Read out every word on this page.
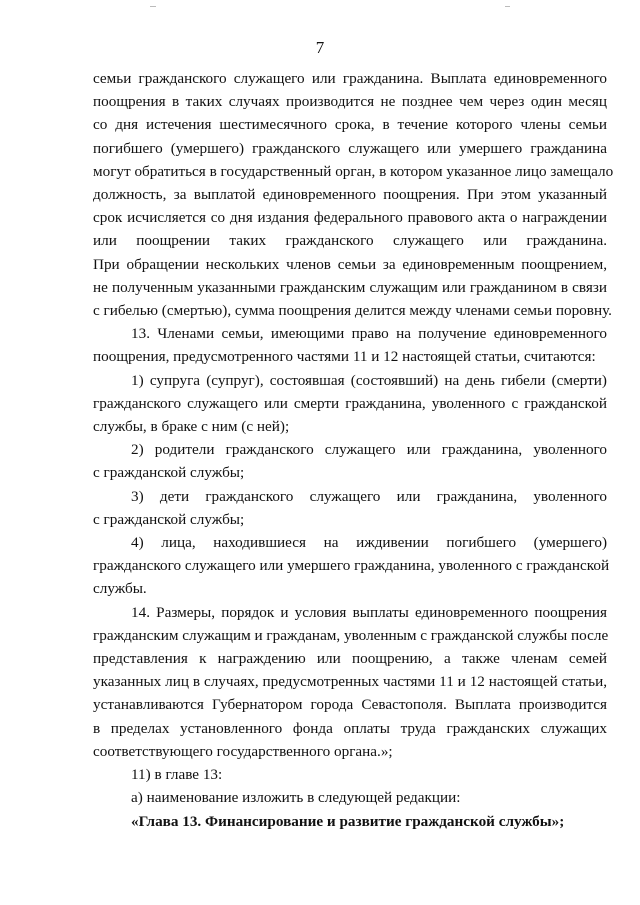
7
семьи гражданского служащего или гражданина. Выплата единовременного
поощрения в таких случаях производится не позднее чем через один месяц
со дня истечения шестимесячного срока, в течение которого члены семьи
погибшего (умершего) гражданского служащего или умершего гражданина
могут обратиться в государственный орган, в котором указанное лицо замещало
должность, за выплатой единовременного поощрения. При этом указанный
срок исчисляется со дня издания федерального правового акта о награждении
или поощрении таких гражданского служащего или гражданина.
При обращении нескольких членов семьи за единовременным поощрением,
не полученным указанными гражданским служащим или гражданином в связи
с гибелью (смертью), сумма поощрения делится между членами семьи поровну.
13. Членами семьи, имеющими право на получение единовременного
поощрения, предусмотренного частями 11 и 12 настоящей статьи, считаются:
1) супруга (супруг), состоявшая (состоявший) на день гибели (смерти)
гражданского служащего или смерти гражданина, уволенного с гражданской
службы, в браке с ним (с ней);
2) родители гражданского служащего или гражданина, уволенного
с гражданской службы;
3) дети гражданского служащего или гражданина, уволенного
с гражданской службы;
4) лица, находившиеся на иждивении погибшего (умершего)
гражданского служащего или умершего гражданина, уволенного с гражданской
службы.
14. Размеры, порядок и условия выплаты единовременного поощрения
гражданским служащим и гражданам, уволенным с гражданской службы после
представления к награждению или поощрению, а также членам семей
указанных лиц в случаях, предусмотренных частями 11 и 12 настоящей статьи,
устанавливаются Губернатором города Севастополя. Выплата производится
в пределах установленного фонда оплаты труда гражданских служащих
соответствующего государственного органа.»;
11) в главе 13:
а) наименование изложить в следующей редакции:
«Глава 13. Финансирование и развитие гражданской службы»;
